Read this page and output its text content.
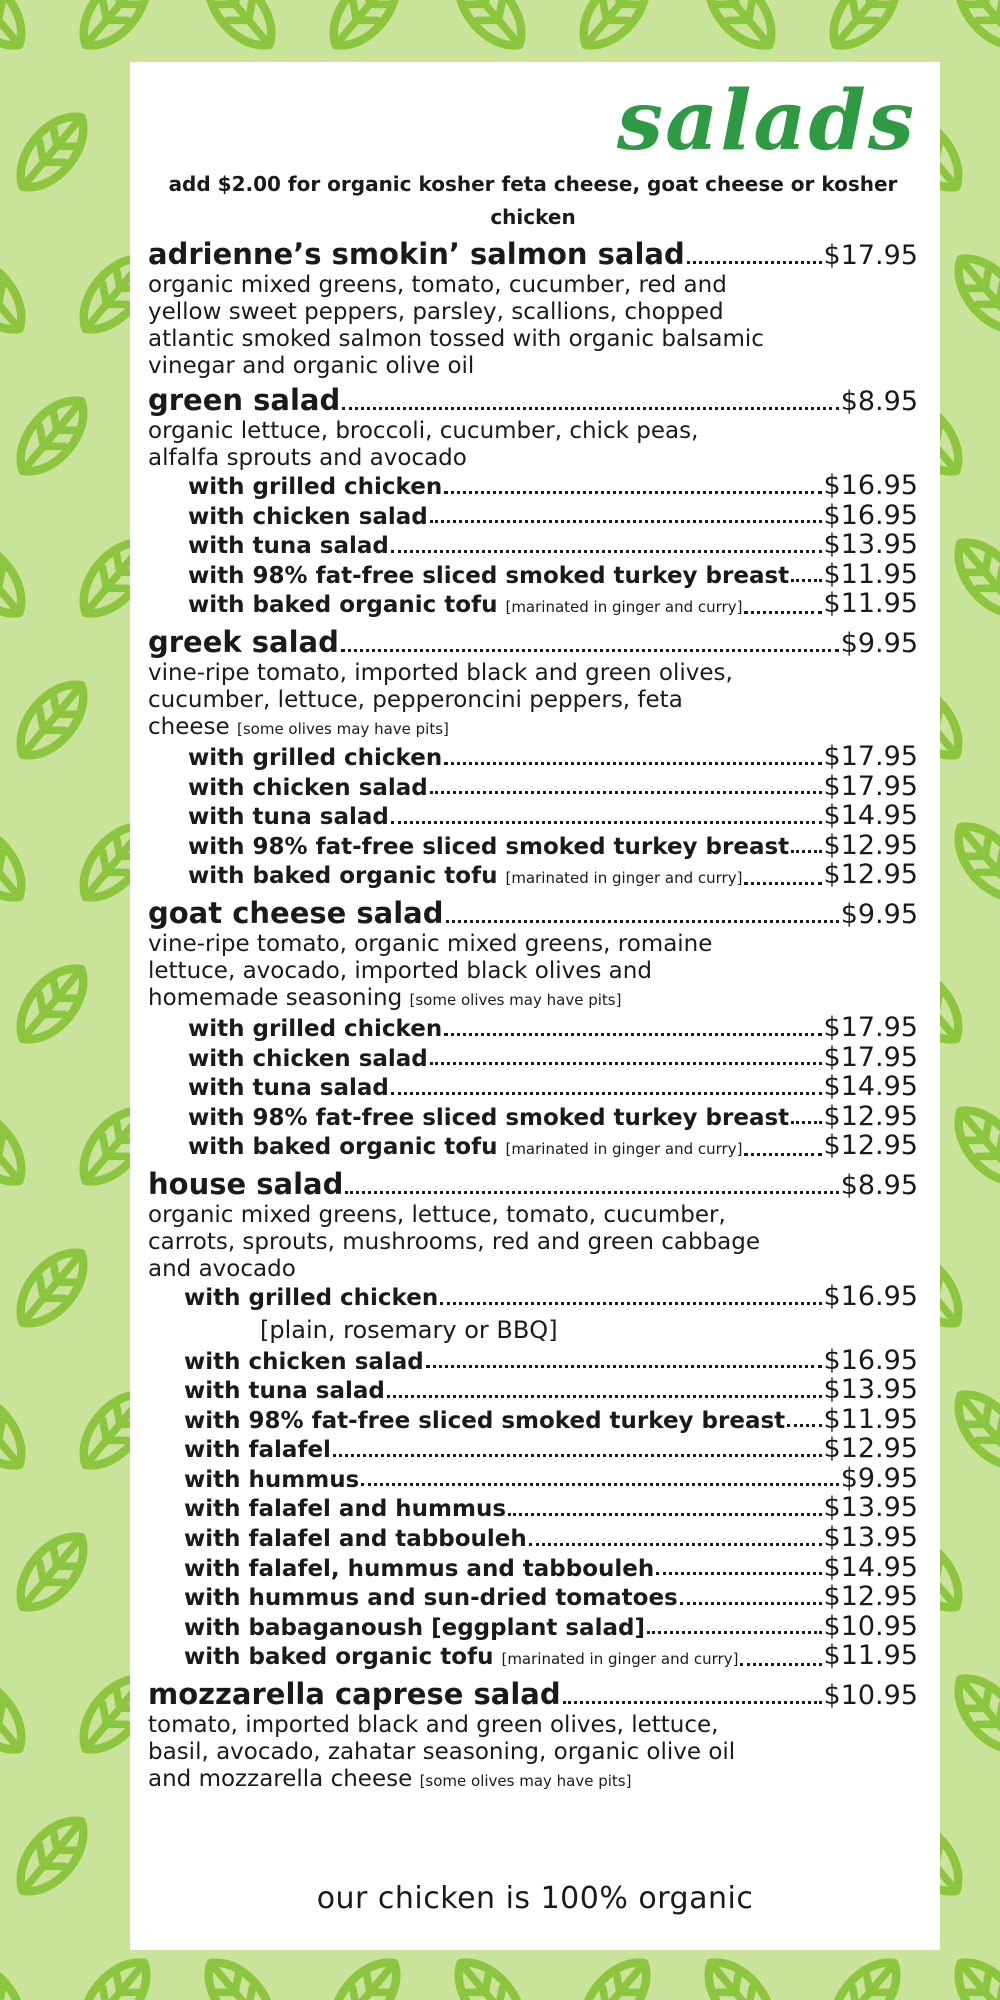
salads
add $2.00 for organic kosher feta cheese, goat cheese or kosher chicken
adrienne’s smokin’ salmon salad	$17.95
organic mixed greens, tomato, cucumber, red and yellow sweet peppers, parsley, scallions, chopped atlantic smoked salmon tossed with organic balsamic vinegar and organic olive oil
green salad	$8.95
organic lettuce, broccoli, cucumber, chick peas, alfalfa sprouts and avocado
with grilled chicken	$16.95
with chicken salad	$16.95
with tuna salad	$13.95
with 98% fat-free sliced smoked turkey breast $11.95
with baked organic tofu [marinated in ginger and curry]	$11.95
greek salad	$9.95
vine-ripe tomato, imported black and green olives, cucumber, lettuce, pepperoncini peppers, feta cheese [some olives may have pits]
with grilled chicken	$17.95
with chicken salad	$17.95
with tuna salad	$14.95
with 98% fat-free sliced smoked turkey breast $12.95
with baked organic tofu [marinated in ginger and curry]	$12.95
goat cheese salad	$9.95
vine-ripe tomato, organic mixed greens, romaine lettuce, avocado, imported black olives and homemade seasoning [some olives may have pits]
with grilled chicken	$17.95
with chicken salad	$17.95
with tuna salad	$14.95
with 98% fat-free sliced smoked turkey breast $12.95
with baked organic tofu [marinated in ginger and curry]	$12.95
house salad	$8.95
organic mixed greens, lettuce, tomato, cucumber, carrots, sprouts, mushrooms, red and green cabbage and avocado
with grilled chicken	$16.95
[plain, rosemary or BBQ]
with chicken salad	$16.95
with tuna salad	$13.95
with 98% fat-free sliced smoked turkey breast $11.95
with falafel	$12.95
with hummus	$9.95
with falafel and hummus	$13.95
with falafel and tabbouleh	$13.95
with falafel, hummus and tabbouleh	$14.95
with hummus and sun-dried tomatoes	$12.95
with babaganoush [eggplant salad]	$10.95
with baked organic tofu [marinated in ginger and curry]	$11.95
mozzarella caprese salad	$10.95
tomato, imported black and green olives, lettuce, basil, avocado, zahatar seasoning, organic olive oil and mozzarella cheese [some olives may have pits]
our chicken is 100% organic
